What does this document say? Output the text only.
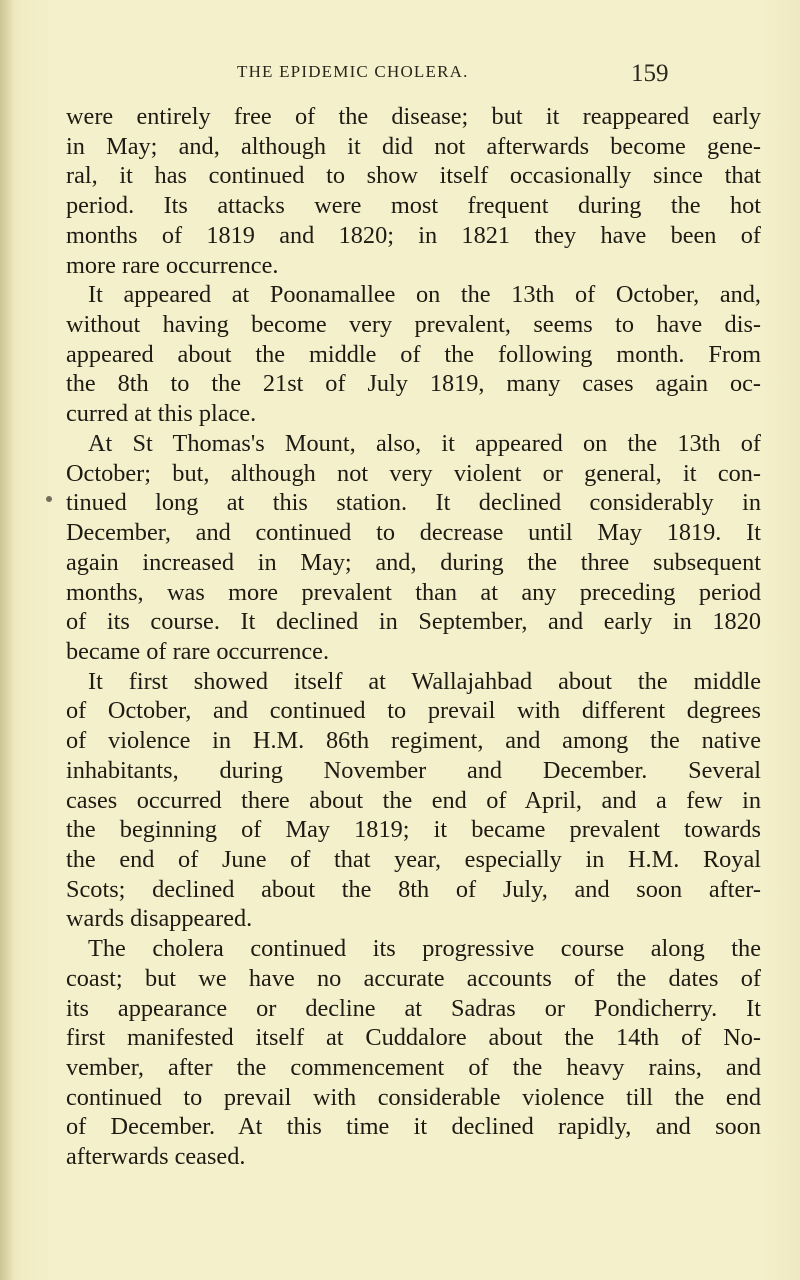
THE EPIDEMIC CHOLERA.	159
were entirely free of the disease; but it reappeared early
in May; and, although it did not afterwards become gene-
ral, it has continued to show itself occasionally since that
period. Its attacks were most frequent during the hot
months of 1819 and 1820; in 1821 they have been of
more rare occurrence.
It appeared at Poonamallee on the 13th of October, and,
without having become very prevalent, seems to have dis-
appeared about the middle of the following month. From
the 8th to the 21st of July 1819, many cases again oc-
curred at this place.
At St Thomas's Mount, also, it appeared on the 13th of
October; but, although not very violent or general, it con-
tinued long at this station. It declined considerably in
December, and continued to decrease until May 1819. It
again increased in May; and, during the three subsequent
months, was more prevalent than at any preceding period
of its course. It declined in September, and early in 1820
became of rare occurrence.
It first showed itself at Wallajahbad about the middle
of October, and continued to prevail with different degrees
of violence in H.M. 86th regiment, and among the native
inhabitants, during November and December. Several
cases occurred there about the end of April, and a few in
the beginning of May 1819; it became prevalent towards
the end of June of that year, especially in H.M. Royal
Scots; declined about the 8th of July, and soon after-
wards disappeared.
The cholera continued its progressive course along the
coast; but we have no accurate accounts of the dates of
its appearance or decline at Sadras or Pondicherry. It
first manifested itself at Cuddalore about the 14th of No-
vember, after the commencement of the heavy rains, and
continued to prevail with considerable violence till the end
of December. At this time it declined rapidly, and soon
afterwards ceased.
